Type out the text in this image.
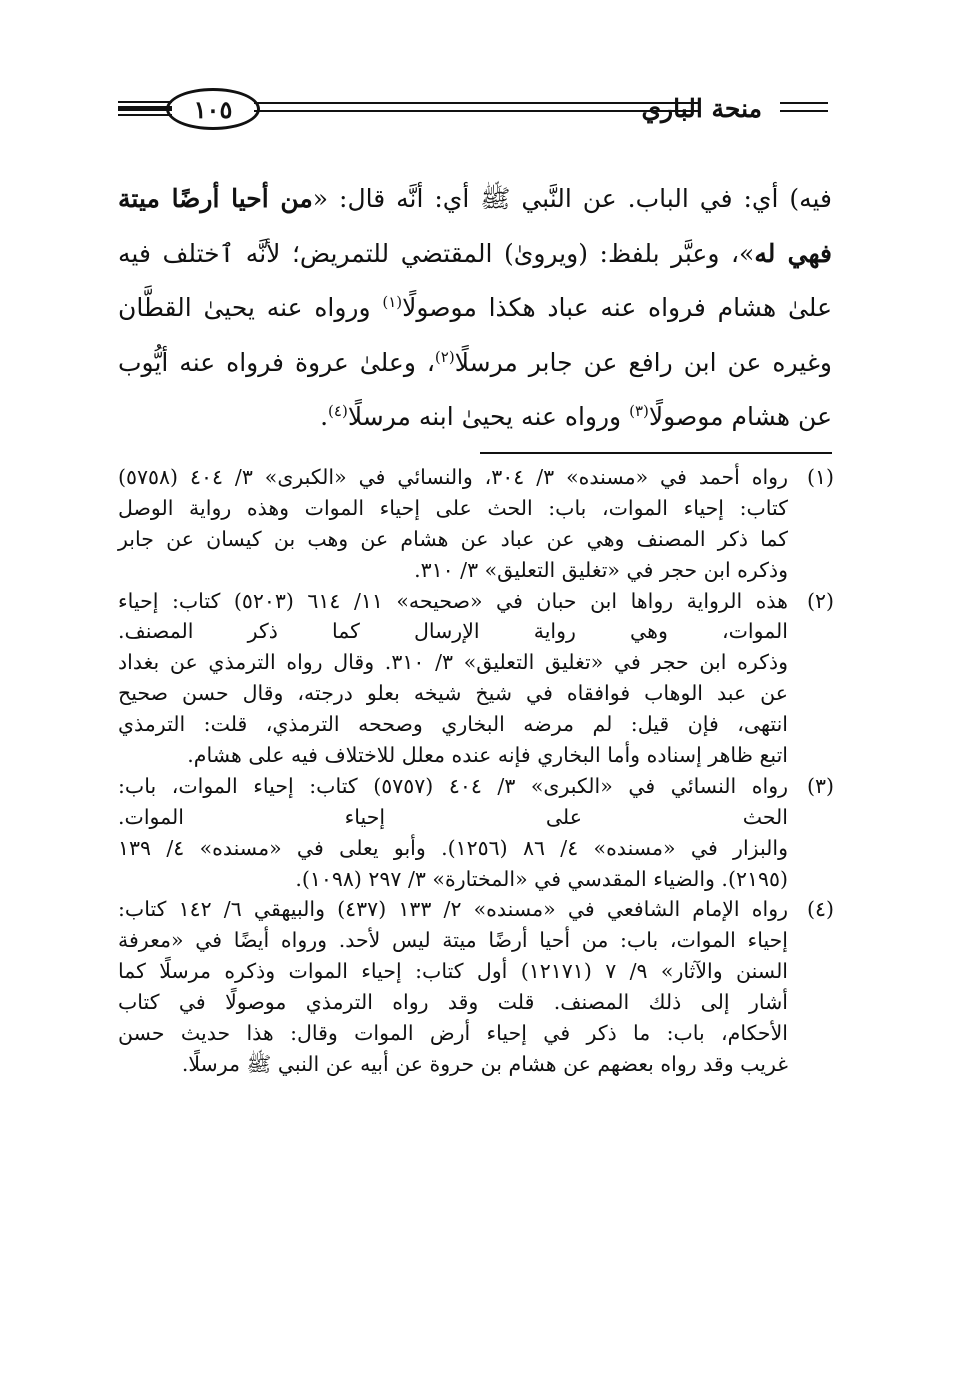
١٠٥	منحة الباري
فيه) أي: في الباب. عن النَّبي ﷺ أي: أنَّه قال: «من أحيا أرضًا ميتة
فهي له»، وعبَّر بلفظ: (ويروىٰ) المقتضي للتمريض؛ لأنَّه ٱختلف فيه
علىٰ هشام فرواه عنه عباد هكذا موصولًا$^{(١)}$ ورواه عنه يحيىٰ القطَّان
وغيره عن ابن رافع عن جابر مرسلًا$^{(٢)}$، وعلىٰ عروة فرواه عنه أيُّوب
عن هشام موصولًا$^{(٣)}$ ورواه عنه يحيىٰ ابنه مرسلًا$^{(٤)}$.
(١)رواه أحمد في «مسنده» ٣/ ٣٠٤، والنسائي في «الكبرى» ٣/ ٤٠٤ (٥٧٥٨)
كتاب: إحياء الموات، باب: الحث على إحياء الموات وهذه رواية الوصل
كما ذكر المصنف وهي عن عباد عن هشام عن وهب بن كيسان عن جابر
وذكره ابن حجر في «تغليق التعليق» ٣/ ٣١٠.
(٢)هذه الرواية رواها ابن حبان في «صحيحه» ١١/ ٦١٤ (٥٢٠٣) كتاب: إحياء
الموات، وهي رواية الإرسال كما ذكر المصنف.
وذكره ابن حجر في «تغليق التعليق» ٣/ ٣١٠. وقال رواه الترمذي عن بغداد
عن عبد الوهاب فوافقاه في شيخ شيخه بعلو درجته، وقال حسن صحيح
انتهى، فإن قيل: لم مرضه البخاري وصححه الترمذي، قلت: الترمذي
اتبع ظاهر إسناده وأما البخاري فإنه عنده معلل للاختلاف فيه على هشام.
(٣)رواه النسائي في «الكبرى» ٣/ ٤٠٤ (٥٧٥٧) كتاب: إحياء الموات، باب:
الحث على إحياء الموات.
والبزار في «مسنده» ٤/ ٨٦ (١٢٥٦). وأبو يعلى في «مسنده» ٤/ ١٣٩
(٢١٩٥). والضياء المقدسي في «المختارة» ٣/ ٢٩٧ (١٠٩٨).
(٤)رواه الإمام الشافعي في «مسنده» ٢/ ١٣٣ (٤٣٧) والبيهقي ٦/ ١٤٢ كتاب:
إحياء الموات، باب: من أحيا أرضًا ميتة ليس لأحد. ورواه أيضًا في «معرفة
السنن والآثار» ٩/ ٧ (١٢١٧١) أول كتاب: إحياء الموات وذكره مرسلًا كما
أشار إلى ذلك المصنف. قلت وقد رواه الترمذي موصولًا في كتاب
الأحكام، باب: ما ذكر في إحياء أرض الموات وقال: هذا حديث حسن
غريب وقد رواه بعضهم عن هشام بن حروة عن أبيه عن النبي ﷺ مرسلًا.
